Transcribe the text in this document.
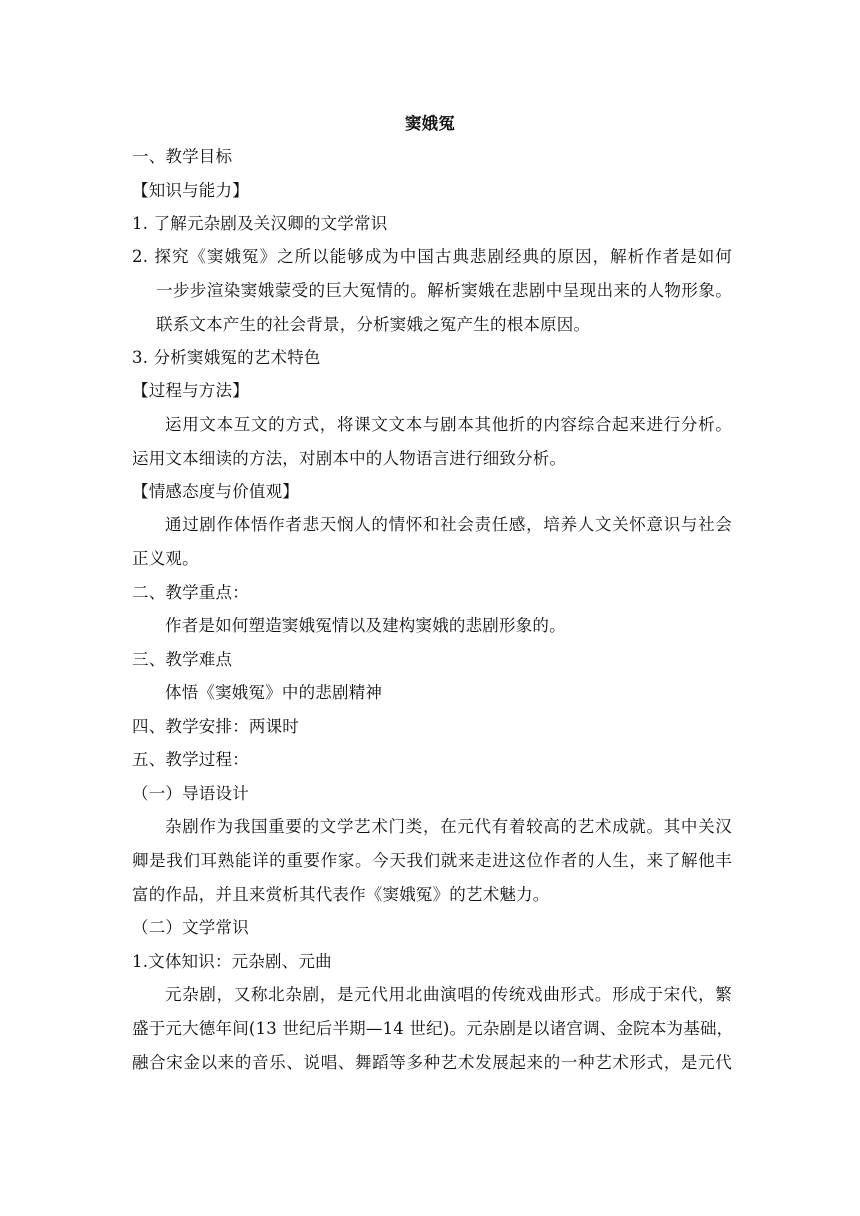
窦娥冤
一、教学目标
【知识与能力】
1. 了解元杂剧及关汉卿的文学常识
2. 探究《窦娥冤》之所以能够成为中国古典悲剧经典的原因，解析作者是如何
一步步渲染窦娥蒙受的巨大冤情的。解析窦娥在悲剧中呈现出来的人物形象。
联系文本产生的社会背景，分析窦娥之冤产生的根本原因。
3. 分析窦娥冤的艺术特色
【过程与方法】
运用文本互文的方式，将课文文本与剧本其他折的内容综合起来进行分析。
运用文本细读的方法，对剧本中的人物语言进行细致分析。
【情感态度与价值观】
通过剧作体悟作者悲天悯人的情怀和社会责任感，培养人文关怀意识与社会
正义观。
二、教学重点：
作者是如何塑造窦娥冤情以及建构窦娥的悲剧形象的。
三、教学难点
体悟《窦娥冤》中的悲剧精神
四、教学安排：两课时
五、教学过程：
（一）导语设计
杂剧作为我国重要的文学艺术门类，在元代有着较高的艺术成就。其中关汉
卿是我们耳熟能详的重要作家。今天我们就来走进这位作者的人生，来了解他丰
富的作品，并且来赏析其代表作《窦娥冤》的艺术魅力。
（二）文学常识
1.文体知识：元杂剧、元曲
元杂剧，又称北杂剧，是元代用北曲演唱的传统戏曲形式。形成于宋代，繁
盛于元大德年间(13 世纪后半期—14 世纪)。元杂剧是以诸宫调、金院本为基础，
融合宋金以来的音乐、说唱、舞蹈等多种艺术发展起来的一种艺术形式，是元代
